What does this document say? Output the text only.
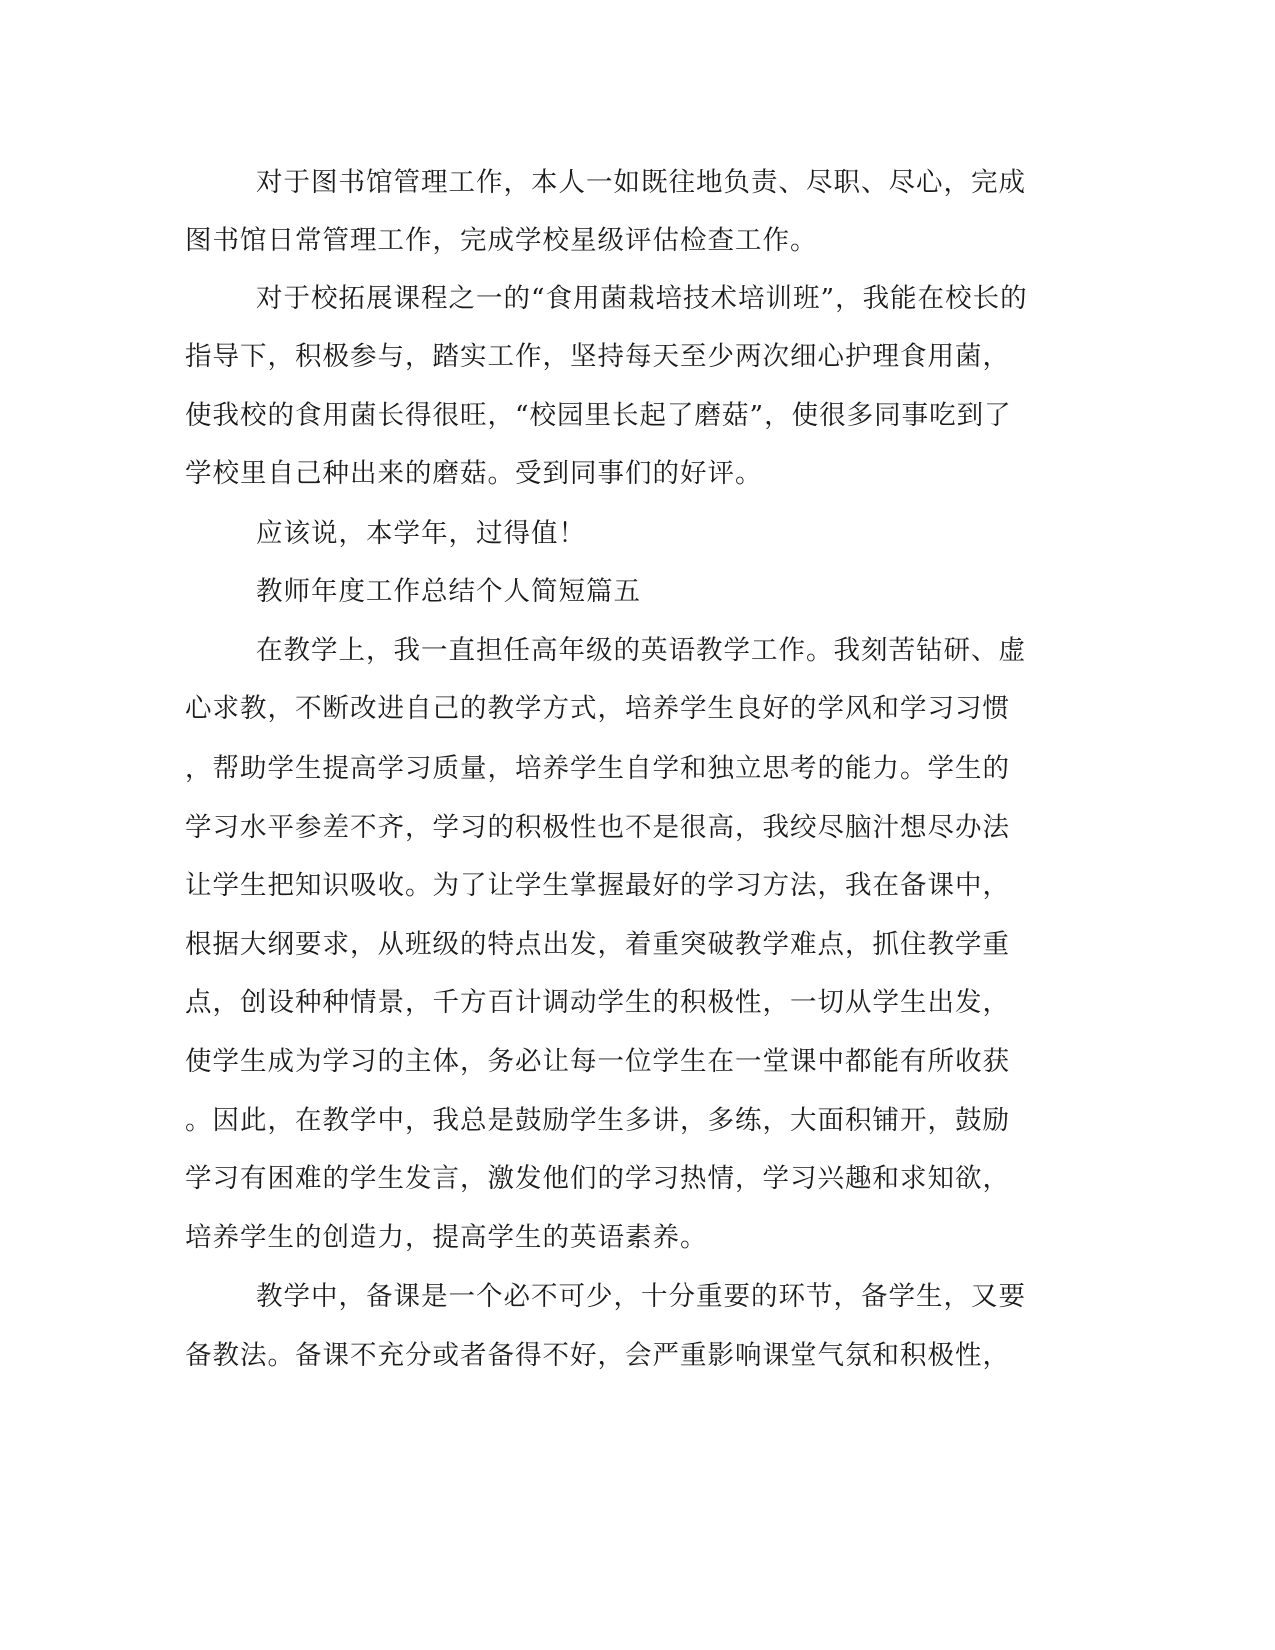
对于图书馆管理工作，本人一如既往地负责、尽职、尽心，完成
图书馆日常管理工作，完成学校星级评估检查工作。
对于校拓展课程之一的“食用菌栽培技术培训班”，我能在校长的
指导下，积极参与，踏实工作，坚持每天至少两次细心护理食用菌，
使我校的食用菌长得很旺，“校园里长起了磨菇”，使很多同事吃到了
学校里自己种出来的磨菇。受到同事们的好评。
应该说，本学年，过得值！
教师年度工作总结个人简短篇五
在教学上，我一直担任高年级的英语教学工作。我刻苦钻研、虚
心求教，不断改进自己的教学方式，培养学生良好的学风和学习习惯
，帮助学生提高学习质量，培养学生自学和独立思考的能力。学生的
学习水平参差不齐，学习的积极性也不是很高，我绞尽脑汁想尽办法
让学生把知识吸收。为了让学生掌握最好的学习方法，我在备课中，
根据大纲要求，从班级的特点出发，着重突破教学难点，抓住教学重
点，创设种种情景，千方百计调动学生的积极性，一切从学生出发，
使学生成为学习的主体，务必让每一位学生在一堂课中都能有所收获
。因此，在教学中，我总是鼓励学生多讲，多练，大面积铺开，鼓励
学习有困难的学生发言，激发他们的学习热情，学习兴趣和求知欲，
培养学生的创造力，提高学生的英语素养。
教学中，备课是一个必不可少，十分重要的环节，备学生，又要
备教法。备课不充分或者备得不好，会严重影响课堂气氛和积极性，
